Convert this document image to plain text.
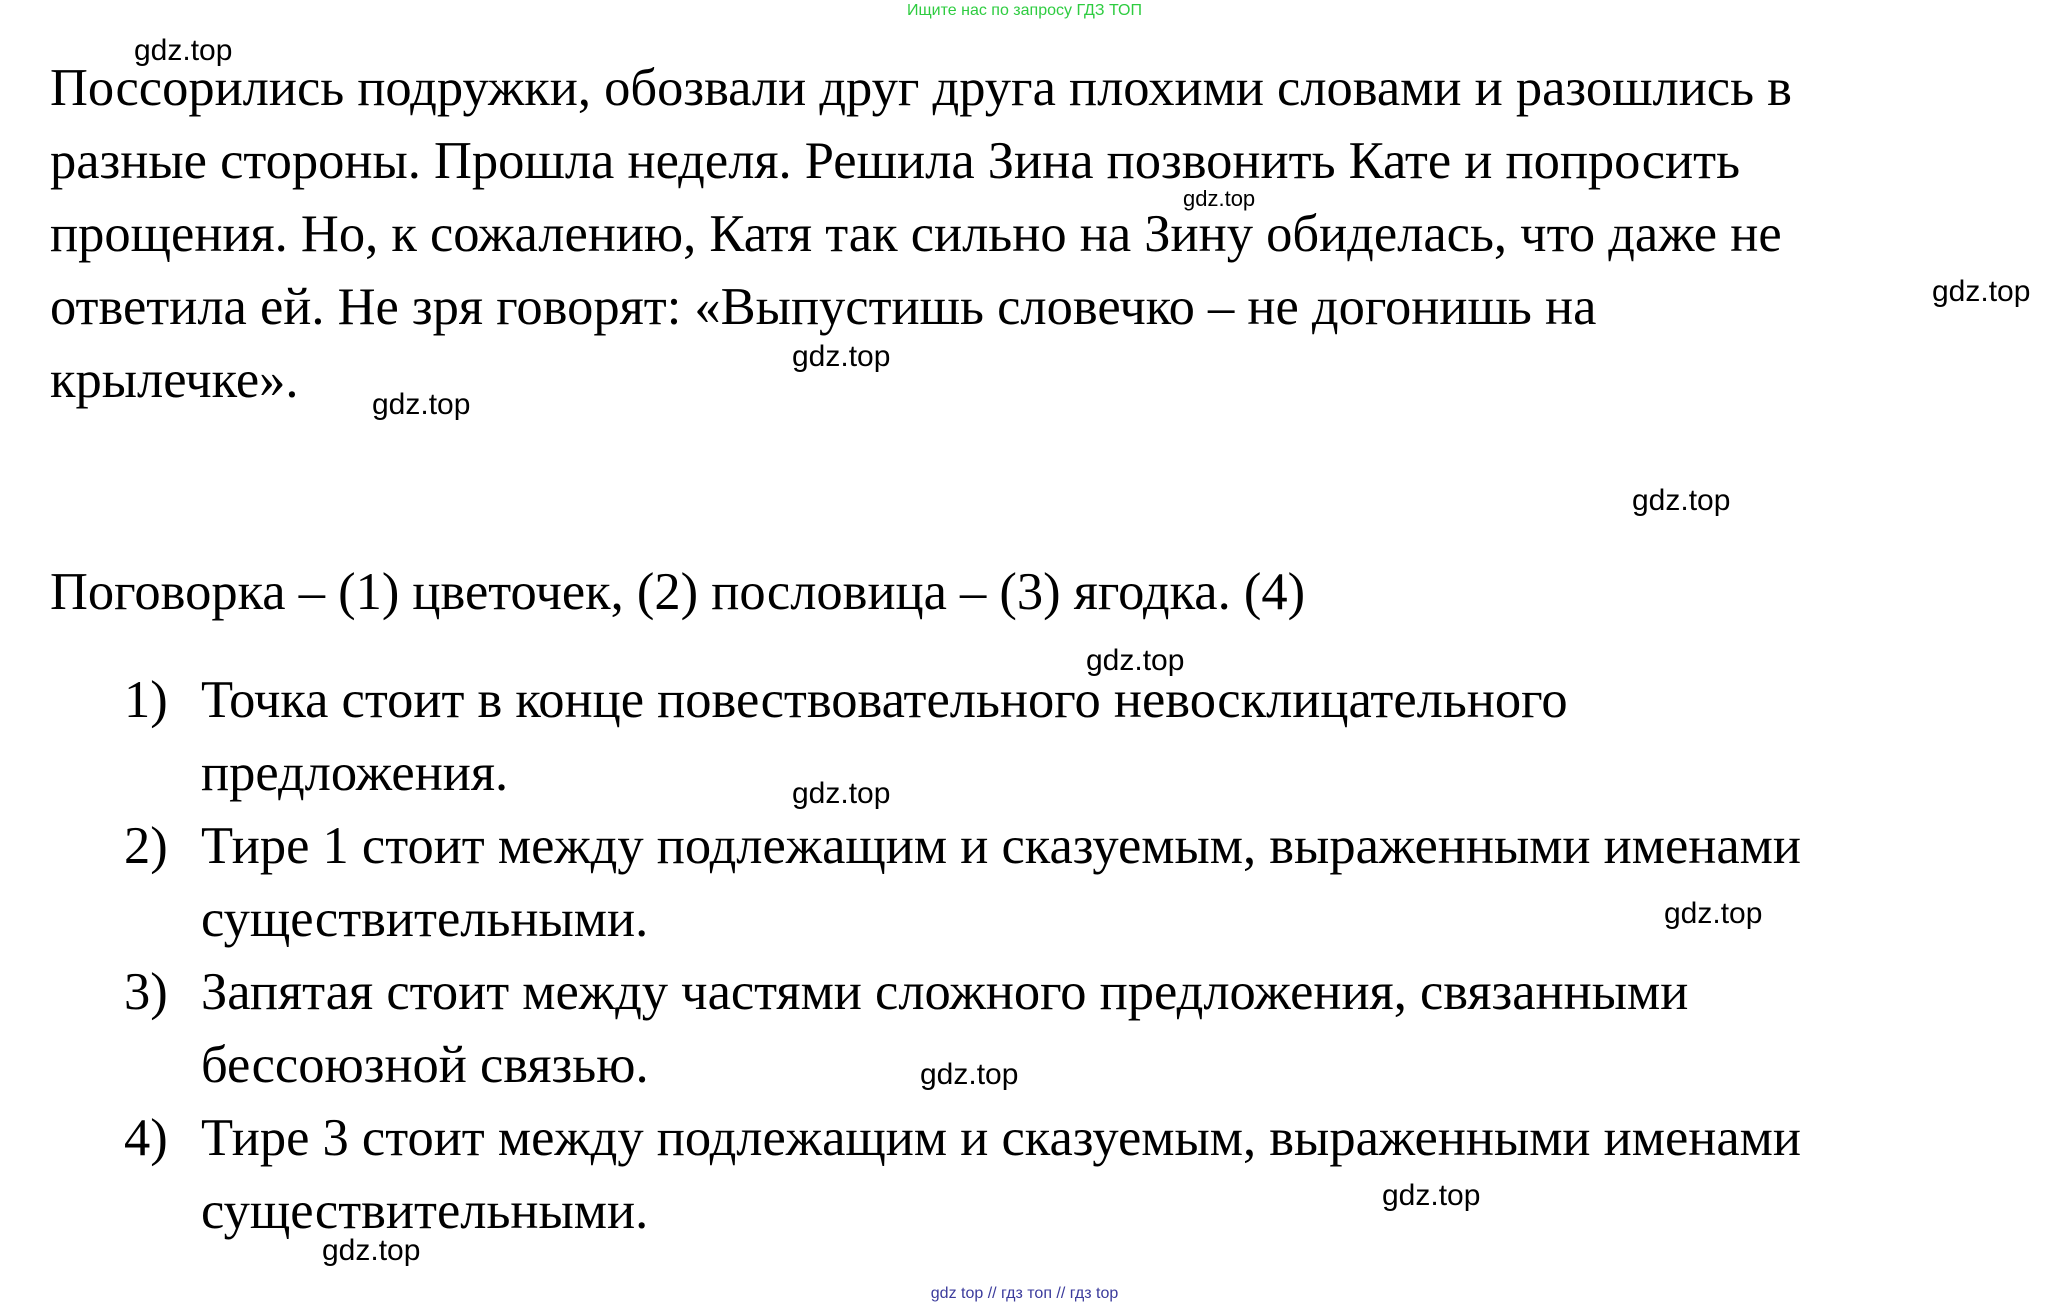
Ищите нас по запросу ГДЗ ТОП
Поссорились подружки, обозвали друг друга плохими словами и разошлись в
разные стороны. Прошла неделя. Решила Зина позвонить Кате и попросить
прощения. Но, к сожалению, Катя так сильно на Зину обиделась, что даже не
ответила ей. Не зря говорят: «Выпустишь словечко – не догонишь на
крылечке».
Поговорка – (1) цветочек, (2) пословица – (3) ягодка. (4)
1) Точка стоит в конце повествовательного невосклицательного
предложения.
2) Тире 1 стоит между подлежащим и сказуемым, выраженными именами
существительными.
3) Запятая стоит между частями сложного предложения, связанными
бессоюзной связью.
4) Тире 3 стоит между подлежащим и сказуемым, выраженными именами
существительными.
gdz.top
gdz.top
gdz.top
gdz.top
gdz.top
gdz.top
gdz.top
gdz.top
gdz.top
gdz.top
gdz.top
gdz.top
gdz top // гдз топ // гдз top
